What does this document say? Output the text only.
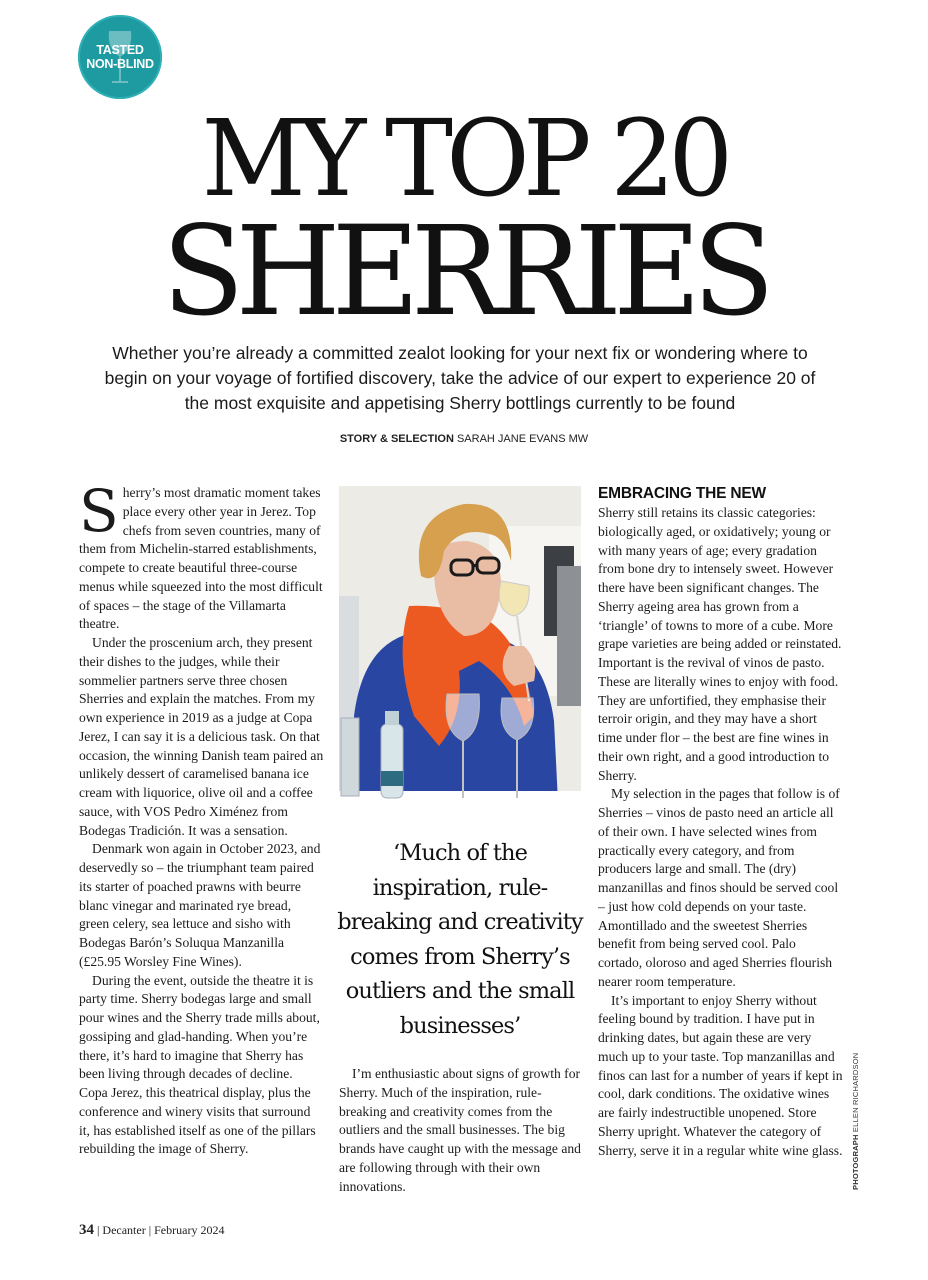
TASTED
NON-BLIND
MY TOP 20
SHERRIES

Whether you’re already a committed zealot looking for your next fix or wondering where to begin on your voyage of fortified discovery, take the advice of our expert to experience 20 of the most exquisite and appetising Sherry bottlings currently to be found

STORY & SELECTION SARAH JANE EVANS MW

Sherry’s most dramatic moment takes place every other year in Jerez. Top chefs from seven countries, many of them from Michelin-starred establishments, compete to create beautiful three-course menus while squeezed into the most difficult of spaces – the stage of the Villamarta theatre.

Under the proscenium arch, they present their dishes to the judges, while their sommelier partners serve three chosen Sherries and explain the matches. From my own experience in 2019 as a judge at Copa Jerez, I can say it is a delicious task. On that occasion, the winning Danish team paired an unlikely dessert of caramelised banana ice cream with liquorice, olive oil and a coffee sauce, with VOS Pedro Ximénez from Bodegas Tradición. It was a sensation.

Denmark won again in October 2023, and deservedly so – the triumphant team paired its starter of poached prawns with beurre blanc vinegar and marinated rye bread, green celery, sea lettuce and sisho with Bodegas Barón’s Soluqua Manzanilla (£25.95 Worsley Fine Wines).

During the event, outside the theatre it is party time. Sherry bodegas large and small pour wines and the Sherry trade mills about, gossiping and glad-handing. When you’re there, it’s hard to imagine that Sherry has been living through decades of decline. Copa Jerez, this theatrical display, plus the conference and winery visits that surround it, has established itself as one of the pillars rebuilding the image of Sherry.

‘Much of the inspiration, rule-breaking and creativity comes from Sherry’s outliers and the small businesses’

I’m enthusiastic about signs of growth for Sherry. Much of the inspiration, rule-breaking and creativity comes from the outliers and the small businesses. The big brands have caught up with the message and are following through with their own innovations.

EMBRACING THE NEW

Sherry still retains its classic categories: biologically aged, or oxidatively; young or with many years of age; every gradation from bone dry to intensely sweet. However there have been significant changes. The Sherry ageing area has grown from a ‘triangle’ of towns to more of a cube. More grape varieties are being added or reinstated. Important is the revival of vinos de pasto. These are literally wines to enjoy with food. They are unfortified, they emphasise their terroir origin, and they may have a short time under flor – the best are fine wines in their own right, and a good introduction to Sherry.

My selection in the pages that follow is of Sherries – vinos de pasto need an article all of their own. I have selected wines from practically every category, and from producers large and small. The (dry) manzanillas and finos should be served cool – just how cold depends on your taste. Amontillado and the sweetest Sherries benefit from being served cool. Palo cortado, oloroso and aged Sherries flourish nearer room temperature.

It’s important to enjoy Sherry without feeling bound by tradition. I have put in drinking dates, but again these are very much up to your taste. Top manzanillas and finos can last for a number of years if kept in cool, dark conditions. The oxidative wines are fairly indestructible unopened. Store Sherry upright. Whatever the category of Sherry, serve it in a regular white wine glass. PHOTOGRAPH ELLEN RICHARDSON
34 | Decanter | February 2024
